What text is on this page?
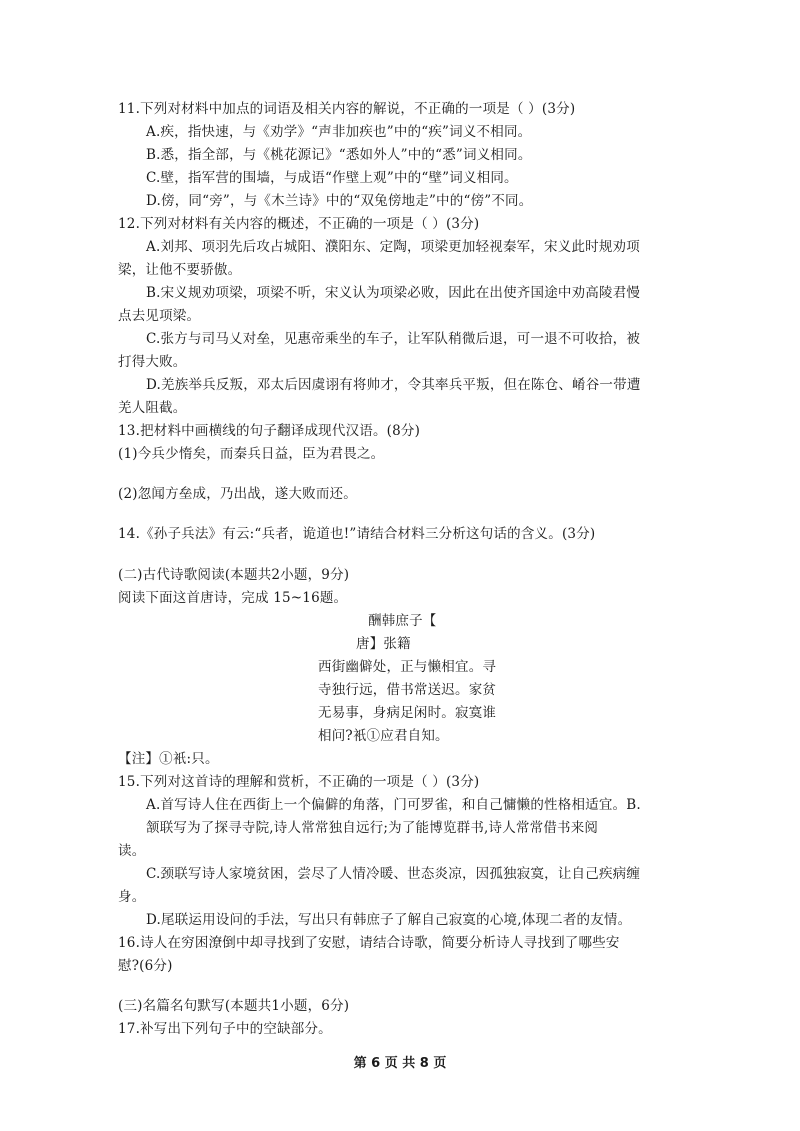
11.下列对材料中加点的词语及相关内容的解说，不正确的一项是（ ）(3分)
A.疾，指快速，与《劝学》“声非加疾也”中的“疾”词义不相同。
B.悉，指全部，与《桃花源记》“悉如外人”中的“悉”词义相同。
C.壁，指军营的围墙，与成语“作壁上观”中的“壁”词义相同。
D.傍，同“旁”，与《木兰诗》中的“双兔傍地走”中的“傍”不同。
12.下列对材料有关内容的概述，不正确的一项是（ ）(3分)
A.刘邦、项羽先后攻占城阳、濮阳东、定陶，项梁更加轻视秦军，宋义此时规劝项
梁，让他不要骄傲。
B.宋义规劝项梁，项梁不听，宋义认为项梁必败，因此在出使齐国途中劝高陵君慢
点去见项梁。
C.张方与司马乂对垒，见惠帝乘坐的车子，让军队稍微后退，可一退不可收拾，被
打得大败。
D.羌族举兵反叛，邓太后因虞诩有将帅才，令其率兵平叛，但在陈仓、崤谷一带遭
羌人阻截。
13.把材料中画横线的句子翻译成现代汉语。(8分)
(1)今兵少惰矣，而秦兵日益，臣为君畏之。
(2)忽闻方垒成，乃出战，遂大败而还。
14.《孙子兵法》有云:“兵者，诡道也!”请结合材料三分析这句话的含义。(3分)
(二)古代诗歌阅读(本题共2小题，9分)
阅读下面这首唐诗，完成 15~16题。
酬韩庶子【
唐】张籍
西街幽僻处，正与懒相宜。寻
寺独行远，借书常送迟。家贫
无易事，身病足闲时。寂寞谁
相问?衹①应君自知。
【注】①衹:只。
15.下列对这首诗的理解和赏析，不正确的一项是（ ）(3分)
A.首写诗人住在西街上一个偏僻的角落，门可罗雀，和自己慵懒的性格相适宜。B.
颔联写为了探寻寺院,诗人常常独自远行;为了能博览群书,诗人常常借书来阅
读。
C.颈联写诗人家境贫困，尝尽了人情冷暖、世态炎凉，因孤独寂寞，让自己疾病缠
身。
D.尾联运用设问的手法，写出只有韩庶子了解自己寂寞的心境,体现二者的友情。
16.诗人在穷困潦倒中却寻找到了安慰，请结合诗歌，简要分析诗人寻找到了哪些安
慰?(6分)
(三)名篇名句默写(本题共1小题，6分)
17.补写出下列句子中的空缺部分。
第 6 页 共 8 页
